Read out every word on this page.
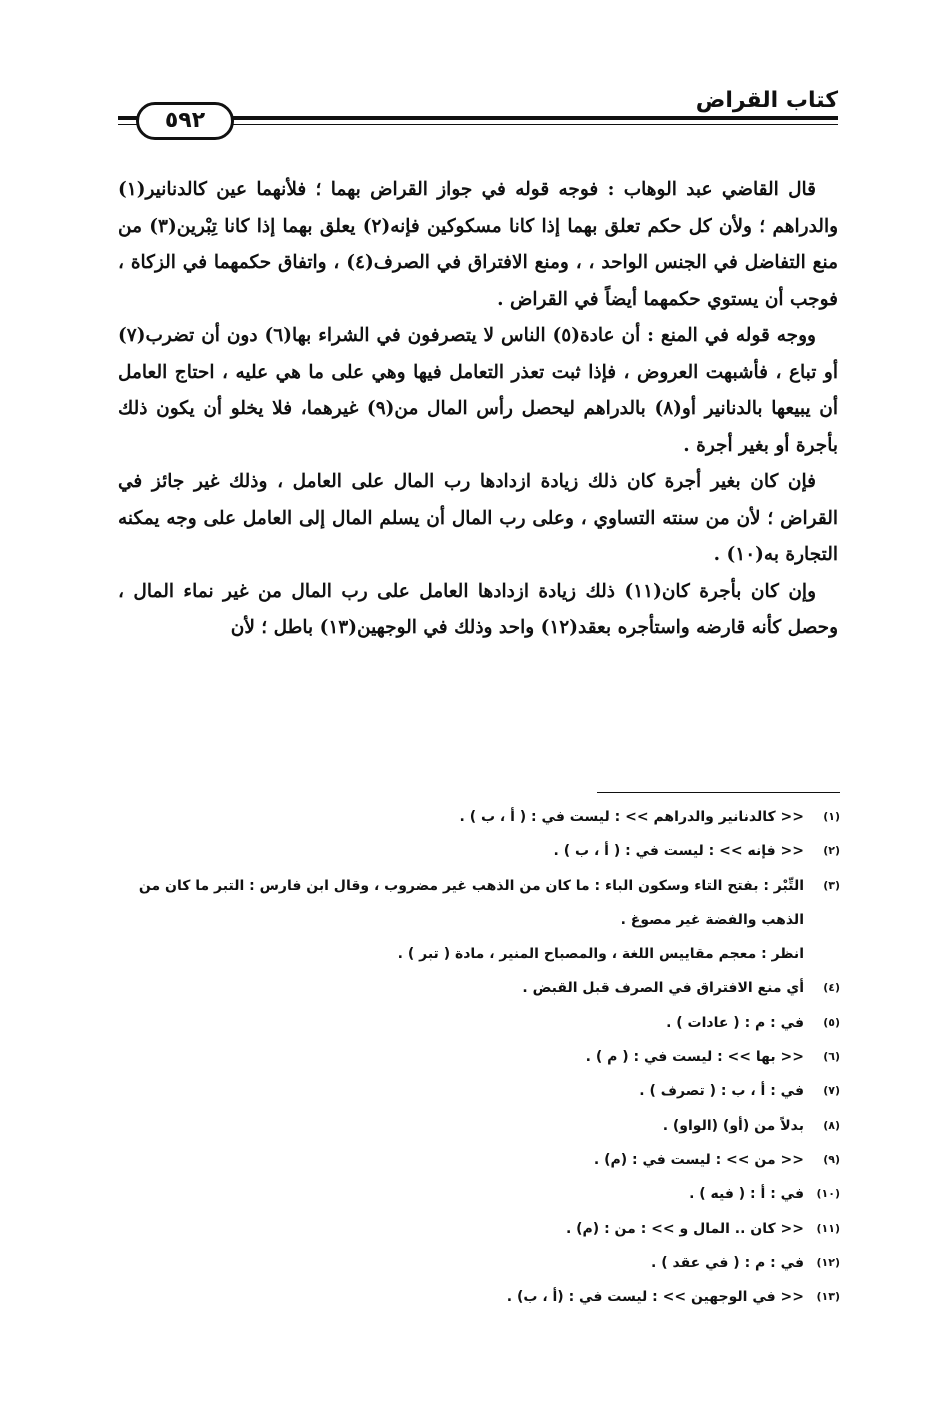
كتاب القراض
٥٩٢

قال القاضي عبد الوهاب : فوجه قوله في جواز القراض بهما ؛ فلأنهما عين كالدنانير(١) والدراهم ؛ ولأن كل حكم تعلق بهما إذا كانا مسكوكين فإنه(٢) يعلق بهما إذا كانا تِبْرين(٣) من منع التفاضل في الجنس الواحد ، ، ومنع الافتراق في الصرف(٤) ، واتفاق حكمهما في الزكاة ، فوجب أن يستوي حكمهما أيضاً في القراض .

ووجه قوله في المنع : أن عادة(٥) الناس لا يتصرفون في الشراء بها(٦) دون أن تضرب(٧) أو تباع ، فأشبهت العروض ، فإذا ثبت تعذر التعامل فيها وهي على ما هي عليه ، احتاج العامل أن يبيعها بالدنانير أو(٨) بالدراهم ليحصل رأس المال من(٩) غيرهما، فلا يخلو أن يكون ذلك بأجرة أو بغير أجرة .

فإن كان بغير أجرة كان ذلك زيادة ازدادها رب المال على العامل ، وذلك غير جائز في القراض ؛ لأن من سنته التساوي ، وعلى رب المال أن يسلم المال إلى العامل على وجه يمكنه التجارة به(١٠) .

وإن كان بأجرة كان(١١) ذلك زيادة ازدادها العامل على رب المال من غير نماء المال ، وحصل كأنه قارضه واستأجره بعقد(١٢) واحد وذلك في الوجهين(١٣) باطل ؛ لأن

(١)
<< كالدنانير والدراهم >> : ليست في : ( أ ، ب ) .
(٢)
<< فإنه >> : ليست في : ( أ ، ب ) .
(٣)
التِّبْر : بفتح التاء وسكون الباء : ما كان من الذهب غير مضروب ، وقال ابن فارس : التبر ما كان من الذهب والفضة غير مصوغ .
انظر : معجم مقاييس اللغة ، والمصباح المنير ، مادة ( تبر ) .
(٤)
أي منع الافتراق في الصرف قبل القبض .
(٥)
في : م : ( عادات ) .
(٦)
<< بها >> : ليست في : ( م ) .
(٧)
في : أ ، ب : ( تصرف ) .
(٨)
بدلاً من (أو) (الواو) .
(٩)
<< من >> : ليست في : (م) .
(١٠)
في : أ : ( فيه ) .
(١١)
<< كان .. المال و >> : من : (م) .
(١٢)
في : م : ( في عقد ) .
(١٣)
<< في الوجهين >> : ليست في : (أ ، ب) .
